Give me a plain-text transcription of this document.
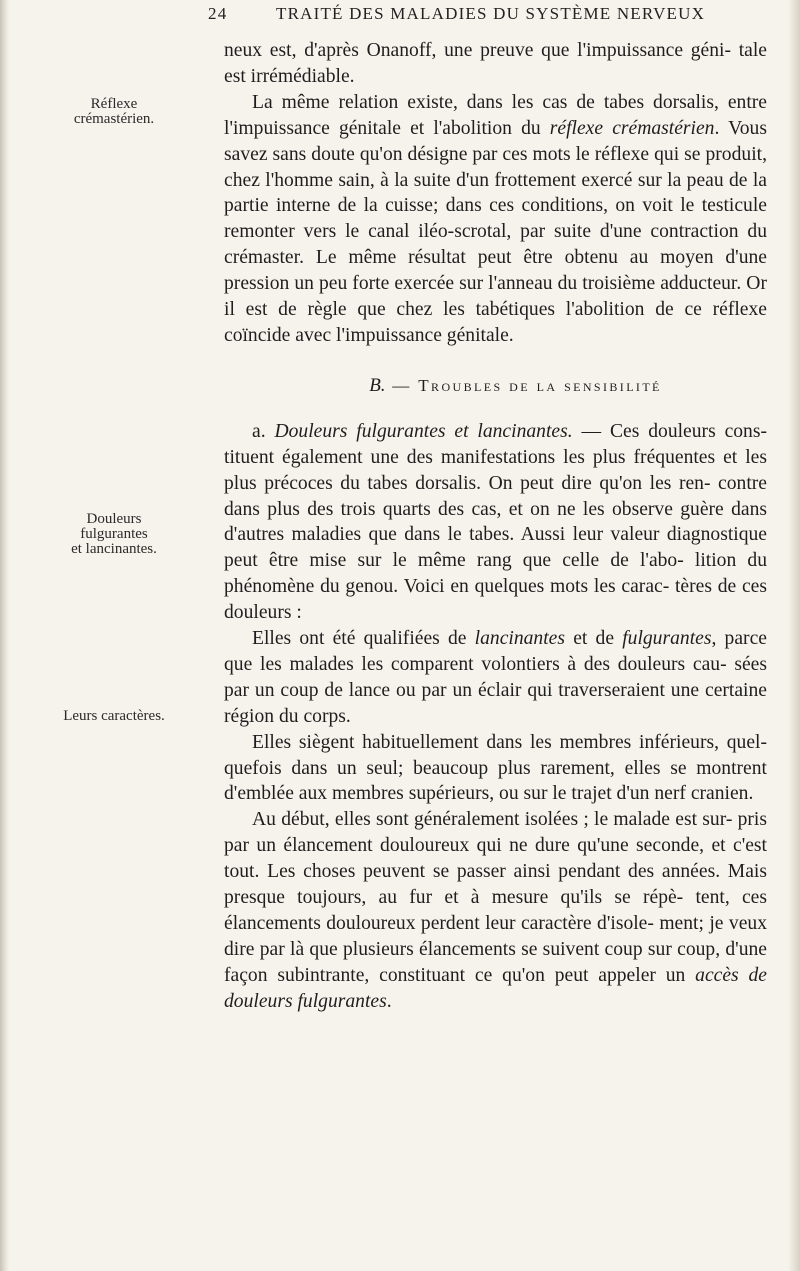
24	TRAITÉ DES MALADIES DU SYSTÈME NERVEUX
Réflexe
crémastérien.
Douleurs
fulgurantes
et lancinantes.
Leurs caractères.

neux est, d'après Onanoff, une preuve que l'impuissance géni- tale est irrémédiable.

La même relation existe, dans les cas de tabes dorsalis, entre l'impuissance génitale et l'abolition du réflexe crémastérien. Vous savez sans doute qu'on désigne par ces mots le réflexe qui se produit, chez l'homme sain, à la suite d'un frottement exercé sur la peau de la partie interne de la cuisse; dans ces conditions, on voit le testicule remonter vers le canal iléo-scrotal, par suite d'une contraction du crémaster. Le même résultat peut être obtenu au moyen d'une pression un peu forte exercée sur l'anneau du troisième adducteur. Or il est de règle que chez les tabétiques l'abolition de ce réflexe coïncide avec l'impuissance génitale.

B. — Troubles de la sensibilité

a. Douleurs fulgurantes et lancinantes. — Ces douleurs cons- tituent également une des manifestations les plus fréquentes et les plus précoces du tabes dorsalis. On peut dire qu'on les ren- contre dans plus des trois quarts des cas, et on ne les observe guère dans d'autres maladies que dans le tabes. Aussi leur valeur diagnostique peut être mise sur le même rang que celle de l'abo- lition du phénomène du genou. Voici en quelques mots les carac- tères de ces douleurs :

Elles ont été qualifiées de lancinantes et de fulgurantes, parce que les malades les comparent volontiers à des douleurs cau- sées par un coup de lance ou par un éclair qui traverseraient une certaine région du corps.

Elles siègent habituellement dans les membres inférieurs, quel- quefois dans un seul; beaucoup plus rarement, elles se montrent d'emblée aux membres supérieurs, ou sur le trajet d'un nerf cranien.

Au début, elles sont généralement isolées ; le malade est sur- pris par un élancement douloureux qui ne dure qu'une seconde, et c'est tout. Les choses peuvent se passer ainsi pendant des années. Mais presque toujours, au fur et à mesure qu'ils se répè- tent, ces élancements douloureux perdent leur caractère d'isole- ment; je veux dire par là que plusieurs élancements se suivent coup sur coup, d'une façon subintrante, constituant ce qu'on peut appeler un accès de douleurs fulgurantes.
